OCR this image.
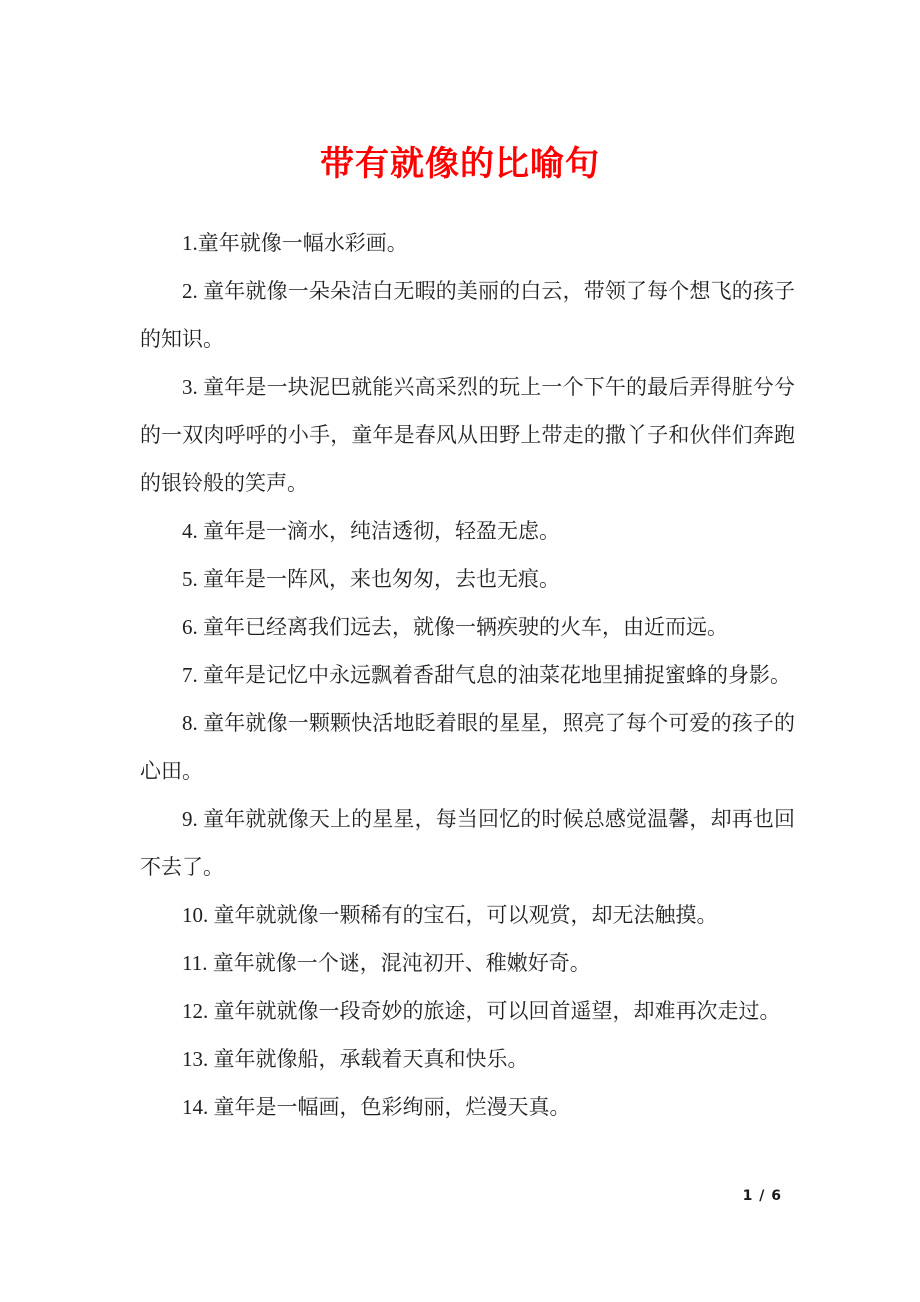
带有就像的比喻句

1.童年就像一幅水彩画。

2. 童年就像一朵朵洁白无暇的美丽的白云，带领了每个想飞的孩子的知识。

3. 童年是一块泥巴就能兴高采烈的玩上一个下午的最后弄得脏兮兮的一双肉呼呼的小手，童年是春风从田野上带走的撒丫子和伙伴们奔跑的银铃般的笑声。

4. 童年是一滴水，纯洁透彻，轻盈无虑。

5. 童年是一阵风，来也匆匆，去也无痕。

6. 童年已经离我们远去，就像一辆疾驶的火车，由近而远。

7. 童年是记忆中永远飘着香甜气息的油菜花地里捕捉蜜蜂的身影。

8. 童年就像一颗颗快活地眨着眼的星星，照亮了每个可爱的孩子的心田。

9. 童年就就像天上的星星，每当回忆的时候总感觉温馨，却再也回不去了。

10. 童年就就像一颗稀有的宝石，可以观赏，却无法触摸。

11. 童年就像一个谜，混沌初开、稚嫩好奇。

12. 童年就就像一段奇妙的旅途，可以回首遥望，却难再次走过。

13. 童年就像船，承载着天真和快乐。

14. 童年是一幅画，色彩绚丽，烂漫天真。

1 / 6
